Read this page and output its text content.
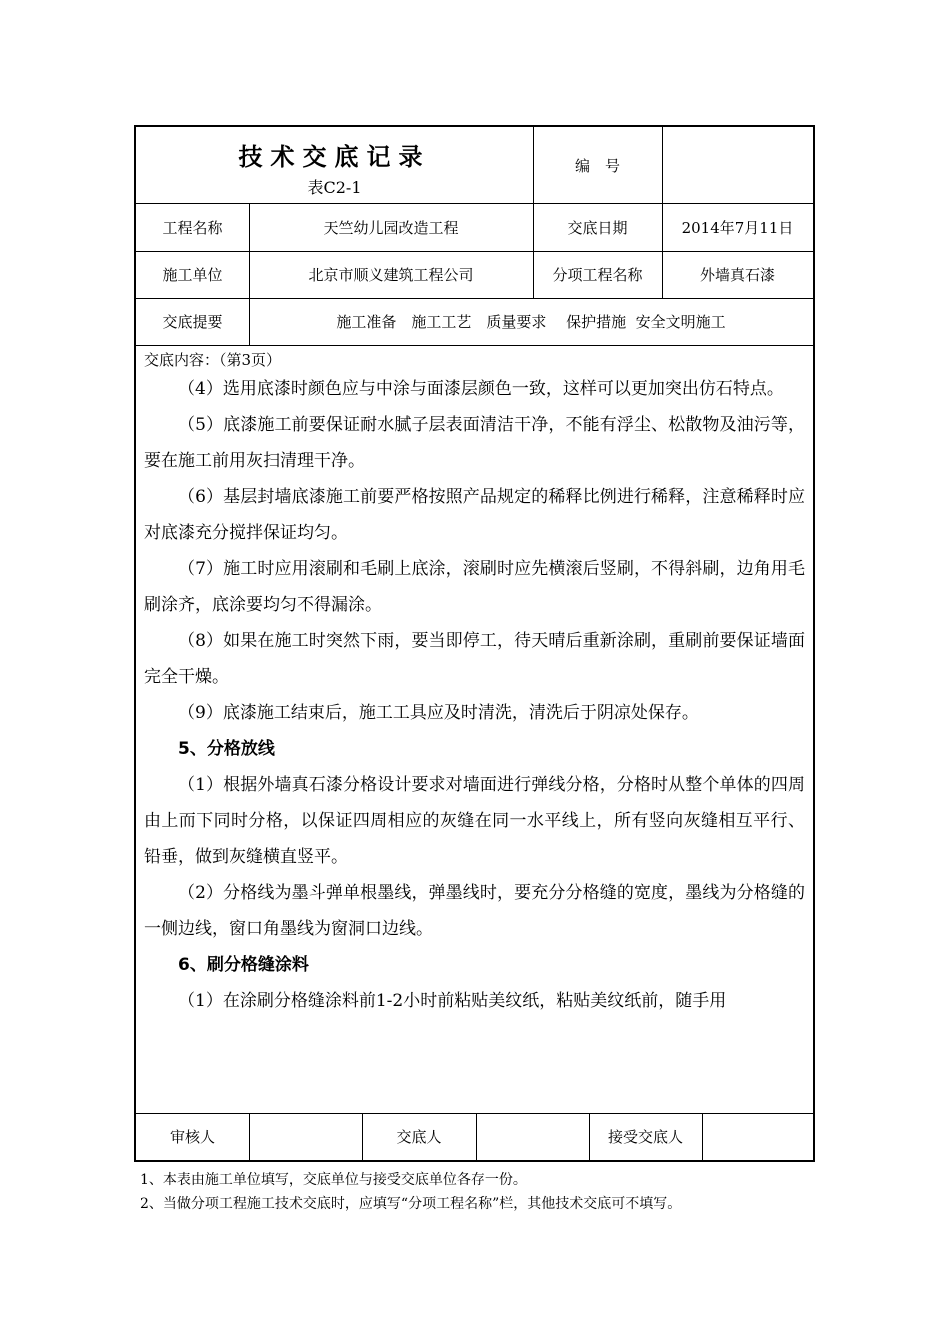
技术交底记录
表C2-1
编　号
工程名称	天竺幼儿园改造工程	交底日期	2014年7月11日
施工单位	北京市顺义建筑工程公司	分项工程名称	外墙真石漆
交底提要	施工准备　施工工艺　质量要求　 保护措施  安全文明施工
交底内容：（第3页）

（4）选用底漆时颜色应与中涂与面漆层颜色一致，这样可以更加突出仿石特点。

（5）底漆施工前要保证耐水腻子层表面清洁干净，不能有浮尘、松散物及油污等，要在施工前用灰扫清理干净。

（6）基层封墙底漆施工前要严格按照产品规定的稀释比例进行稀释，注意稀释时应对底漆充分搅拌保证均匀。

（7）施工时应用滚刷和毛刷上底涂，滚刷时应先横滚后竖刷，不得斜刷，边角用毛刷涂齐，底涂要均匀不得漏涂。

（8）如果在施工时突然下雨，要当即停工，待天晴后重新涂刷，重刷前要保证墙面完全干燥。

（9）底漆施工结束后，施工工具应及时清洗，清洗后于阴凉处保存。

5、分格放线

（1）根据外墙真石漆分格设计要求对墙面进行弹线分格，分格时从整个单体的四周由上而下同时分格，以保证四周相应的灰缝在同一水平线上，所有竖向灰缝相互平行、铅垂，做到灰缝横直竖平。

（2）分格线为墨斗弹单根墨线，弹墨线时，要充分分格缝的宽度，墨线为分格缝的一侧边线，窗口角墨线为窗洞口边线。

6、刷分格缝涂料

（1）在涂刷分格缝涂料前1-2小时前粘贴美纹纸，粘贴美纹纸前，随手用

审核人	交底人	接受交底人
1、本表由施工单位填写，交底单位与接受交底单位各存一份。
2、当做分项工程施工技术交底时，应填写“分项工程名称”栏，其他技术交底可不填写。
